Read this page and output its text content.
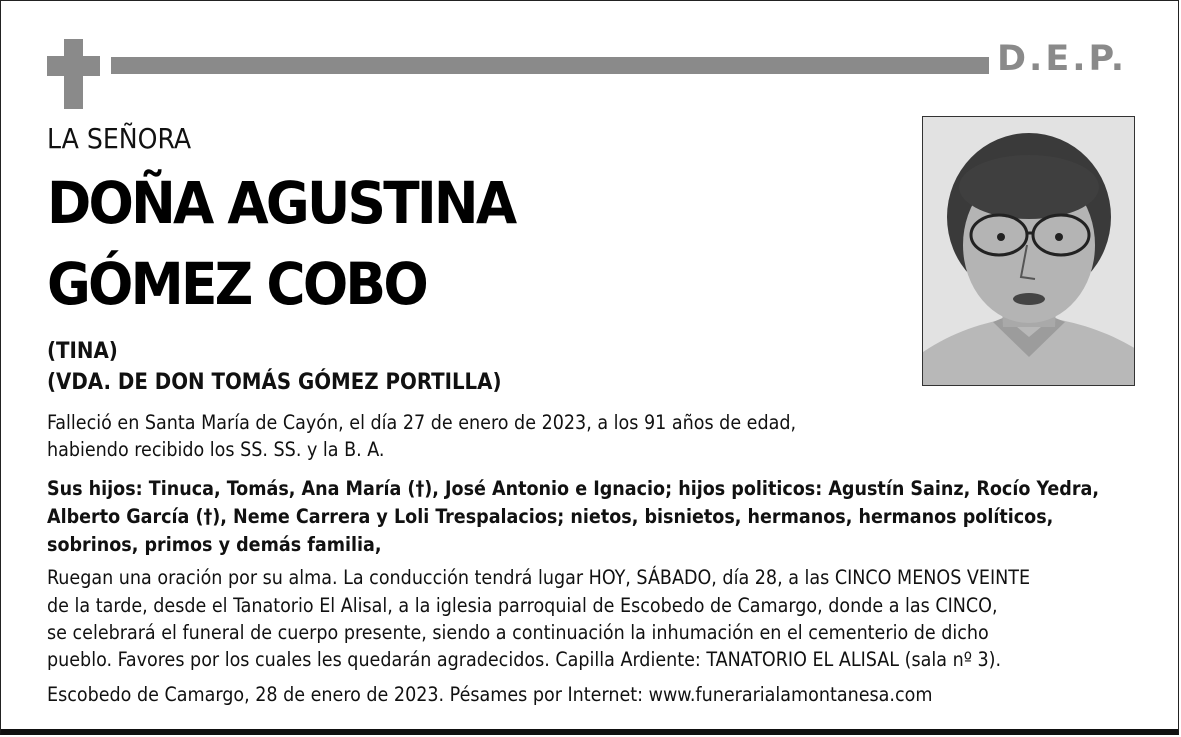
D.E.P.
LA SEÑORA
DOÑA AGUSTINA
GÓMEZ COBO
(TINA)
(VDA. DE DON TOMÁS GÓMEZ PORTILLA)
Falleció en Santa María de Cayón, el día 27 de enero de 2023, a los 91 años de edad,
habiendo recibido los SS. SS. y la B. A.
Sus hijos: Tinuca, Tomás, Ana María (†), José Antonio e Ignacio; hijos politicos: Agustín Sainz, Rocío Yedra,
Alberto García (†), Neme Carrera y Loli Trespalacios; nietos, bisnietos, hermanos, hermanos políticos,
sobrinos, primos y demás familia,
Ruegan una oración por su alma. La conducción tendrá lugar HOY, SÁBADO, día 28, a las CINCO MENOS VEINTE
de la tarde, desde el Tanatorio El Alisal, a la iglesia parroquial de Escobedo de Camargo, donde a las CINCO,
se celebrará el funeral de cuerpo presente, siendo a continuación la inhumación en el cementerio de dicho
pueblo. Favores por los cuales les quedarán agradecidos. Capilla Ardiente: TANATORIO EL ALISAL (sala nº 3).
Escobedo de Camargo, 28 de enero de 2023. Pésames por Internet: www.funerarialamontanesa.com
